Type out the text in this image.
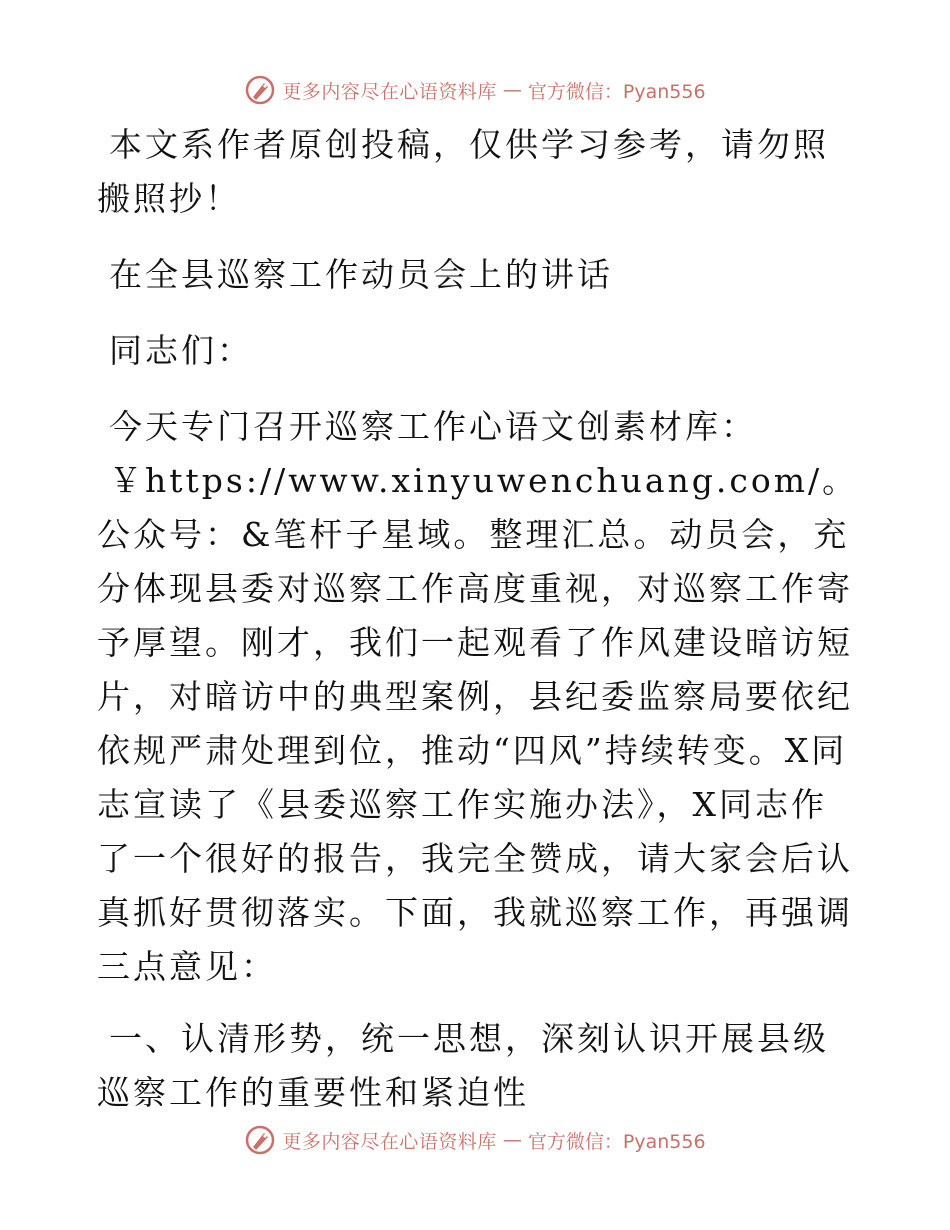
更多内容尽在心语资料库 — 官方微信：Pyan556

本文系作者原创投稿，仅供学习参考，请勿照搬照抄！

在全县巡察工作动员会上的讲话

同志们：

今天专门召开巡察工作心语文创素材库：
￥https://www.xinyuwenchuang.com/。公众号：&笔杆子星域。整理汇总。动员会，充分体现县委对巡察工作高度重视，对巡察工作寄予厚望。刚才，我们一起观看了作风建设暗访短片，对暗访中的典型案例，县纪委监察局要依纪依规严肃处理到位，推动“四风”持续转变。X同志宣读了《县委巡察工作实施办法》，X同志作了一个很好的报告，我完全赞成，请大家会后认真抓好贯彻落实。下面，我就巡察工作，再强调三点意见：

一、认清形势，统一思想，深刻认识开展县级巡察工作的重要性和紧迫性

更多内容尽在心语资料库 — 官方微信：Pyan556
